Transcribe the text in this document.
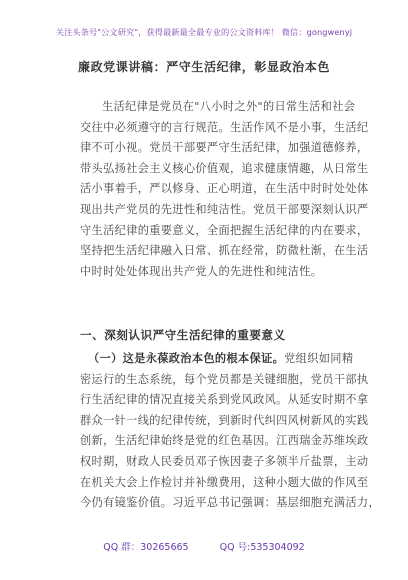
关注头条号"公文研究"，获得最新最全最专业的公文资料库！ 微信：gongwenyj
廉政党课讲稿：严守生活纪律，彰显政治本色
生活纪律是党员在"八小时之外"的日常生活和社会
交往中必须遵守的言行规范。生活作风不是小事，生活纪
律不可小视。党员干部要严守生活纪律，加强道德修养，
带头弘扬社会主义核心价值观，追求健康情趣，从日常生
活小事着手，严以修身、正心明道，在生活中时时处处体
现出共产党员的先进性和纯洁性。党员干部要深刻认识严
守生活纪律的重要意义，全面把握生活纪律的内在要求，
坚持把生活纪律融入日常、抓在经常，防微杜渐，在生活
中时时处处体现出共产党人的先进性和纯洁性。
一、深刻认识严守生活纪律的重要意义
（一）这是永葆政治本色的根本保证。党组织如同精
密运行的生态系统，每个党员都是关键细胞，党员干部执
行生活纪律的情况直接关系到党风政风。从延安时期不拿
群众一针一线的纪律传统，到新时代纠四风树新风的实践
创新，生活纪律始终是党的红色基因。江西瑞金苏维埃政
权时期，财政人民委员邓子恢因妻子多领半斤盐票，主动
在机关大会上作检讨并补缴费用，这种小题大做的作风至
今仍有镜鉴价值。习近平总书记强调：基层细胞充满活力，
QQ 群：30265665	QQ 号:535304092
